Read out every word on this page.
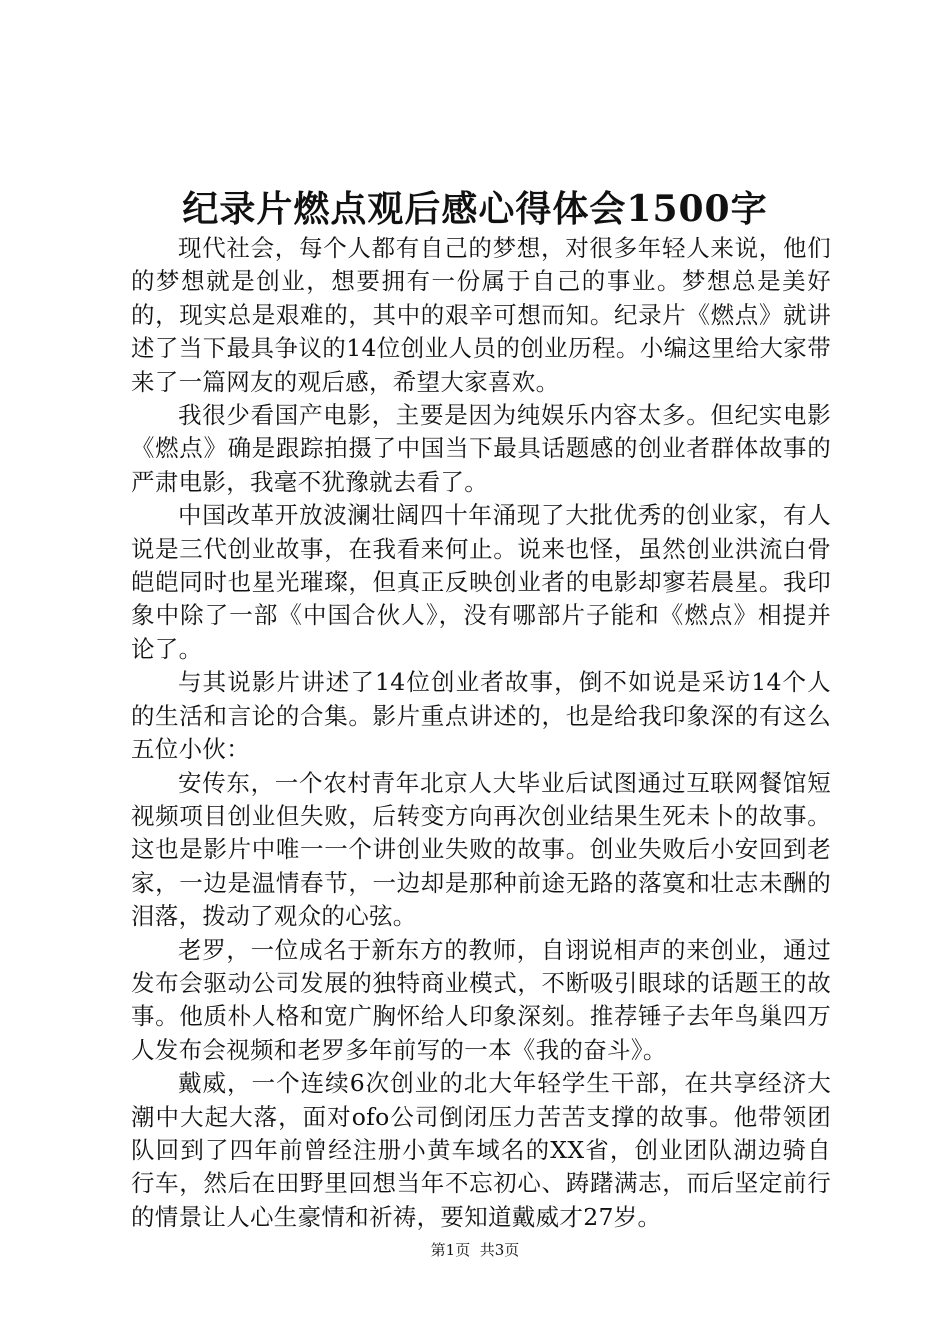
纪录片燃点观后感心得体会1500字

现代社会，每个人都有自己的梦想，对很多年轻人来说，他们的梦想就是创业，想要拥有一份属于自己的事业。梦想总是美好的，现实总是艰难的，其中的艰辛可想而知。纪录片《燃点》就讲述了当下最具争议的14位创业人员的创业历程。小编这里给大家带来了一篇网友的观后感，希望大家喜欢。

我很少看国产电影，主要是因为纯娱乐内容太多。但纪实电影《燃点》确是跟踪拍摄了中国当下最具话题感的创业者群体故事的严肃电影，我毫不犹豫就去看了。

中国改革开放波澜壮阔四十年涌现了大批优秀的创业家，有人说是三代创业故事，在我看来何止。说来也怪，虽然创业洪流白骨皑皑同时也星光璀璨，但真正反映创业者的电影却寥若晨星。我印象中除了一部《中国合伙人》，没有哪部片子能和《燃点》相提并论了。

与其说影片讲述了14位创业者故事，倒不如说是采访14个人的生活和言论的合集。影片重点讲述的，也是给我印象深的有这么五位小伙：

安传东，一个农村青年北京人大毕业后试图通过互联网餐馆短视频项目创业但失败，后转变方向再次创业结果生死未卜的故事。这也是影片中唯一一个讲创业失败的故事。创业失败后小安回到老家，一边是温情春节，一边却是那种前途无路的落寞和壮志未酬的泪落，拨动了观众的心弦。

老罗，一位成名于新东方的教师，自诩说相声的来创业，通过发布会驱动公司发展的独特商业模式，不断吸引眼球的话题王的故事。他质朴人格和宽广胸怀给人印象深刻。推荐锤子去年鸟巢四万人发布会视频和老罗多年前写的一本《我的奋斗》。

戴威，一个连续6次创业的北大年轻学生干部，在共享经济大潮中大起大落，面对ofo公司倒闭压力苦苦支撑的故事。他带领团队回到了四年前曾经注册小黄车域名的XX省，创业团队湖边骑自行车，然后在田野里回想当年不忘初心、踌躇满志，而后坚定前行的情景让人心生豪情和祈祷，要知道戴威才27岁。

第1页 共3页
